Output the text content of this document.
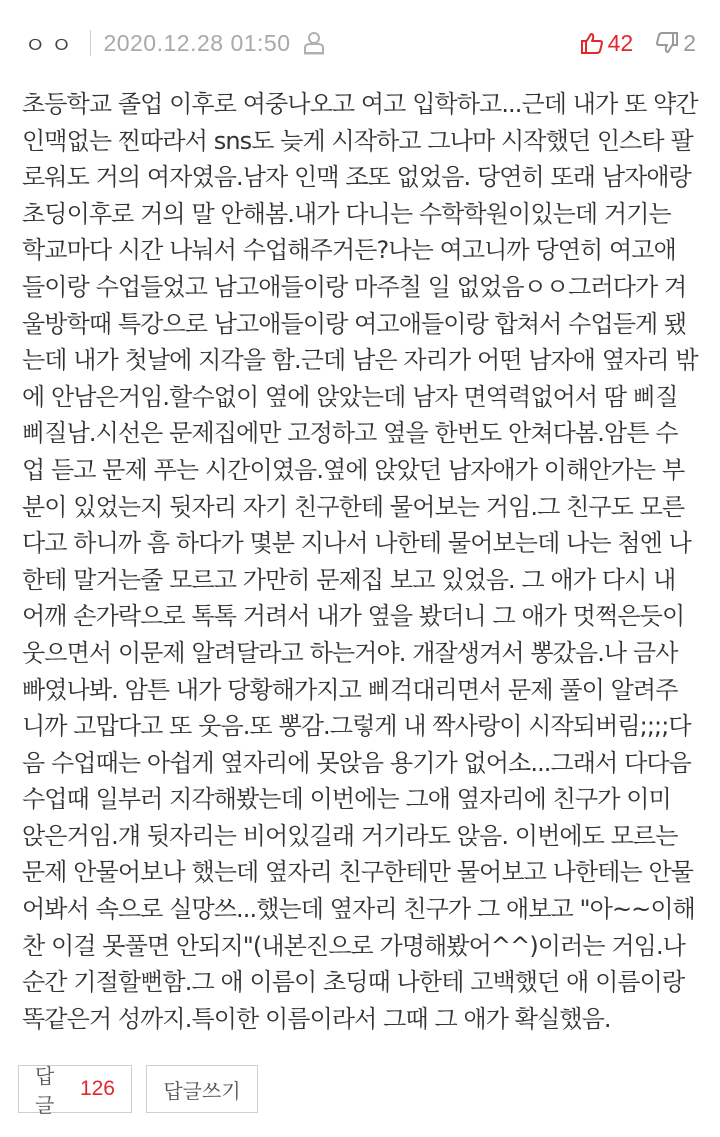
ㅇㅇ 2020.12.28 01:50	42 2
초등학교 졸업 이후로 여중나오고 여고 입학하고...근데 내가 또 약간
인맥없는 찐따라서 sns도 늦게 시작하고 그나마 시작했던 인스타 팔
로워도 거의 여자였음.남자 인맥 조또 없었음. 당연히 또래 남자애랑
초딩이후로 거의 말 안해봄.내가 다니는 수학학원이있는데 거기는
학교마다 시간 나눠서 수업해주거든?나는 여고니까 당연히 여고애
들이랑 수업들었고 남고애들이랑 마주칠 일 없었음ㅇㅇ그러다가 겨
울방학때 특강으로 남고애들이랑 여고애들이랑 합쳐서 수업듣게 됐
는데 내가 첫날에 지각을 함.근데 남은 자리가 어떤 남자애 옆자리 밖
에 안남은거임.할수없이 옆에 앉았는데 남자 면역력없어서 땀 삐질
삐질남.시선은 문제집에만 고정하고 옆을 한번도 안쳐다봄.암튼 수
업 듣고 문제 푸는 시간이였음.옆에 앉았던 남자애가 이해안가는 부
분이 있었는지 뒷자리 자기 친구한테 물어보는 거임.그 친구도 모른
다고 하니까 흠 하다가 몇분 지나서 나한테 물어보는데 나는 첨엔 나
한테 말거는줄 모르고 가만히 문제집 보고 있었음. 그 애가 다시 내
어깨 손가락으로 톡톡 거려서 내가 옆을 봤더니 그 애가 멋쩍은듯이
웃으면서 이문제 알려달라고 하는거야. 개잘생겨서 뽕갔음.나 금사
빠였나봐. 암튼 내가 당황해가지고 삐걱대리면서 문제 풀이 알려주
니까 고맙다고 또 웃음.또 뽕감.그렇게 내 짝사랑이 시작되버림;;;;다
음 수업때는 아쉽게 옆자리에 못앉음 용기가 없어소...그래서 다다음
수업때 일부러 지각해봤는데 이번에는 그애 옆자리에 친구가 이미
앉은거임.걔 뒷자리는 비어있길래 거기라도 앉음. 이번에도 모르는
문제 안물어보나 했는데 옆자리 친구한테만 물어보고 나한테는 안물
어봐서 속으로 실망쓰...했는데 옆자리 친구가 그 애보고 "아~~이해
찬 이걸 못풀면 안되지"(내본진으로 가명해봤어^^)이러는 거임.나
순간 기절할뻔함.그 애 이름이 초딩때 나한테 고백했던 애 이름이랑
똑같은거 성까지.특이한 이름이라서 그때 그 애가 확실했음.
답글
126 답글쓰기
